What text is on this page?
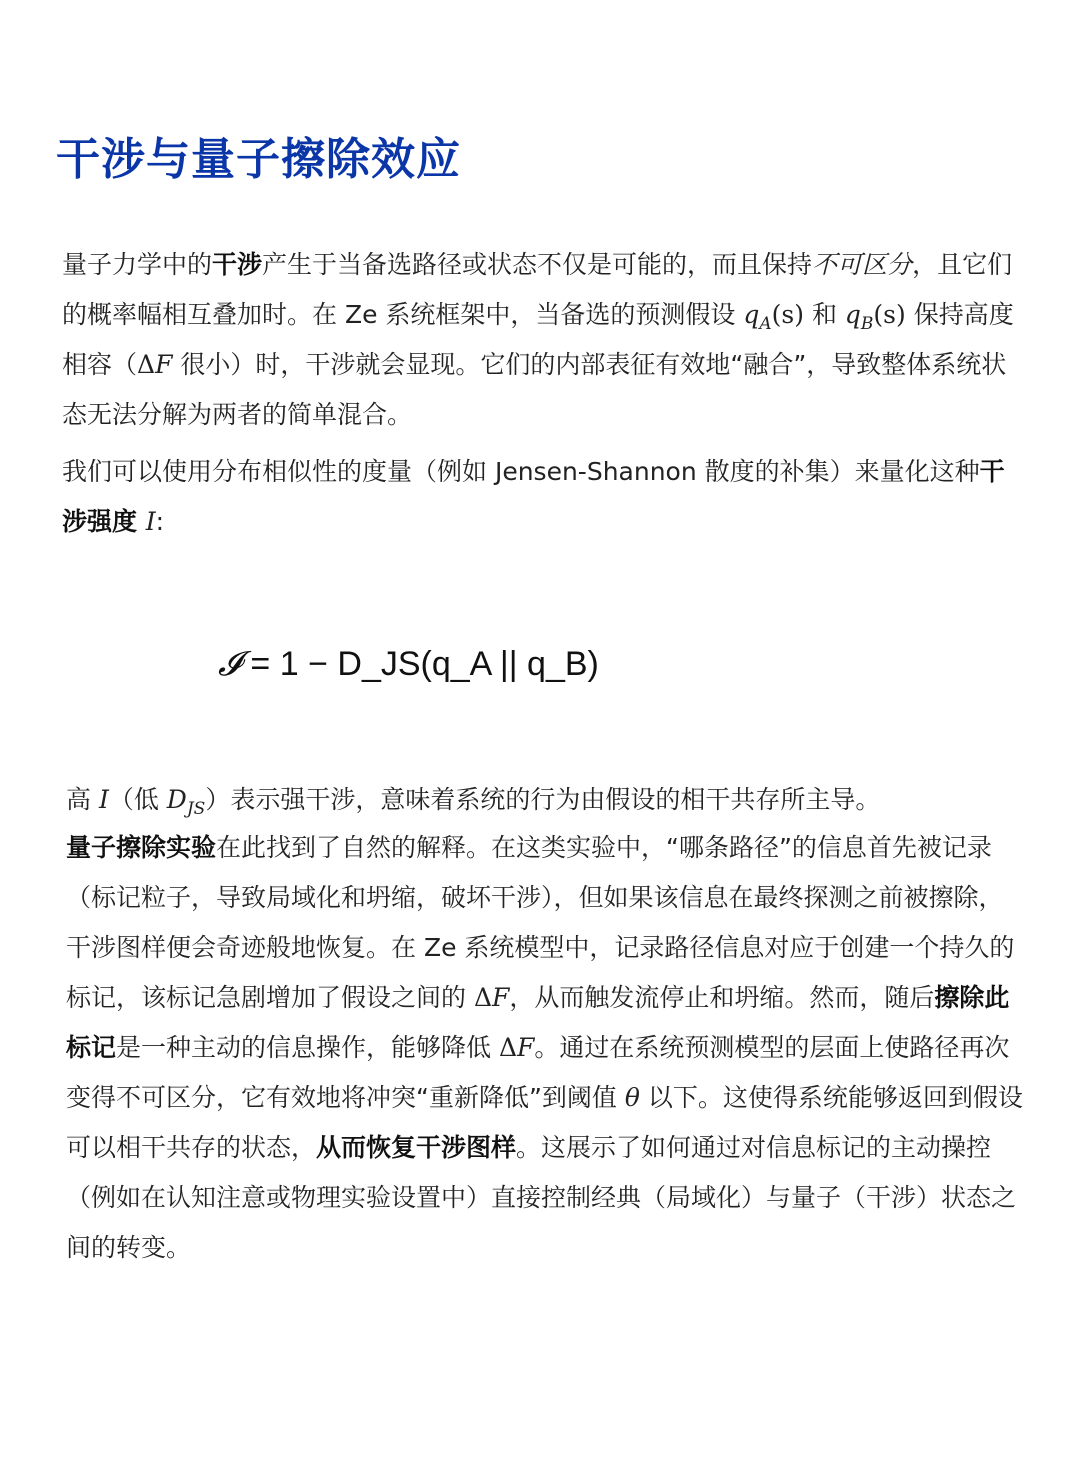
干涉与量子擦除效应

量子力学中的干涉产生于当备选路径或状态不仅是可能的，而且保持不可区分，且它们的概率幅相互叠加时。在 Ze 系统框架中，当备选的预测假设 $q_A(s)$ 和 $q_B(s)$ 保持高度相容（ΔF 很小）时，干涉就会显现。它们的内部表征有效地“融合”，导致整体系统状态无法分解为两者的简单混合。

我们可以使用分布相似性的度量（例如 Jensen-Shannon 散度的补集）来量化这种干涉强度 I:

𝓘 = 1 − D_JS(q_A || q_B)

高 I（低 $D_{JS}$）表示强干涉，意味着系统的行为由假设的相干共存所主导。

量子擦除实验在此找到了自然的解释。在这类实验中，“哪条路径”的信息首先被记录（标记粒子，导致局域化和坍缩，破坏干涉），但如果该信息在最终探测之前被擦除，干涉图样便会奇迹般地恢复。在 Ze 系统模型中，记录路径信息对应于创建一个持久的标记，该标记急剧增加了假设之间的 ΔF，从而触发流停止和坍缩。然而，随后擦除此标记是一种主动的信息操作，能够降低 ΔF。通过在系统预测模型的层面上使路径再次变得不可区分，它有效地将冲突“重新降低”到阈值 θ 以下。这使得系统能够返回到假设可以相干共存的状态，从而恢复干涉图样。这展示了如何通过对信息标记的主动操控（例如在认知注意或物理实验设置中）直接控制经典（局域化）与量子（干涉）状态之间的转变。
